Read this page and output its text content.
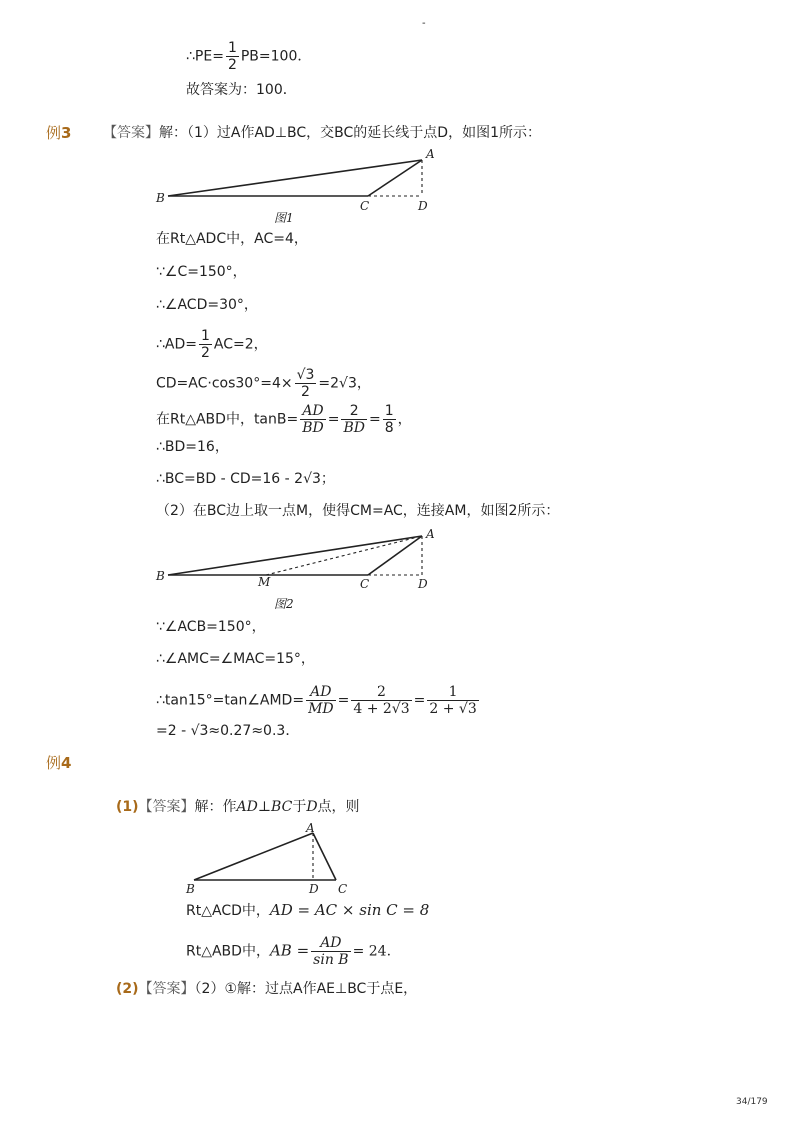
-
∴PE= $\frac{1}{2} PB=100$．
故答案为：100．
例3 【答案】解：（1）过A作AD⊥BC，交BC的延长线于点D，如图1所示：
B
A
C	D
图1
在Rt△ADC中，AC=4，
∵∠C=150°，
∴∠ACD=30°，
∴AD= $\frac{1}{2} AC=2$，
$CD=AC\cdot\cos 30^\circ=4\times \frac{√3}{2} =2√3$，
在Rt△ABD中，$\tan B= \frac{AD}{BD} = \frac{2}{BD} = \frac{1}{8}$ ，
∴BD=16，
∴BC=BD - CD=16 - 2√3；
（2）在BC边上取一点M，使得CM=AC，连接AM，如图2所示：
B
A
M	C	D
图2
∵∠ACB=150°，
∴∠AMC=∠MAC=15°，
∴tan15°=tan∠AMD= $\frac{AD}{MD} = \frac{2}{4 + 2√3} = \frac{1}{2 + √3}$
=2 - √3≈0.27≈0.3．
例4
(1)【答案】解：作AD⊥BC于D点，则
B
A
D C
Rt△ACD中，AD = AC × sin C = 8
Rt△ABD中，AB = $\frac{AD}{\text{sin B}} = 24$.
(2)【答案】（2）①解：过点A作AE⊥BC于点E，
34/179
